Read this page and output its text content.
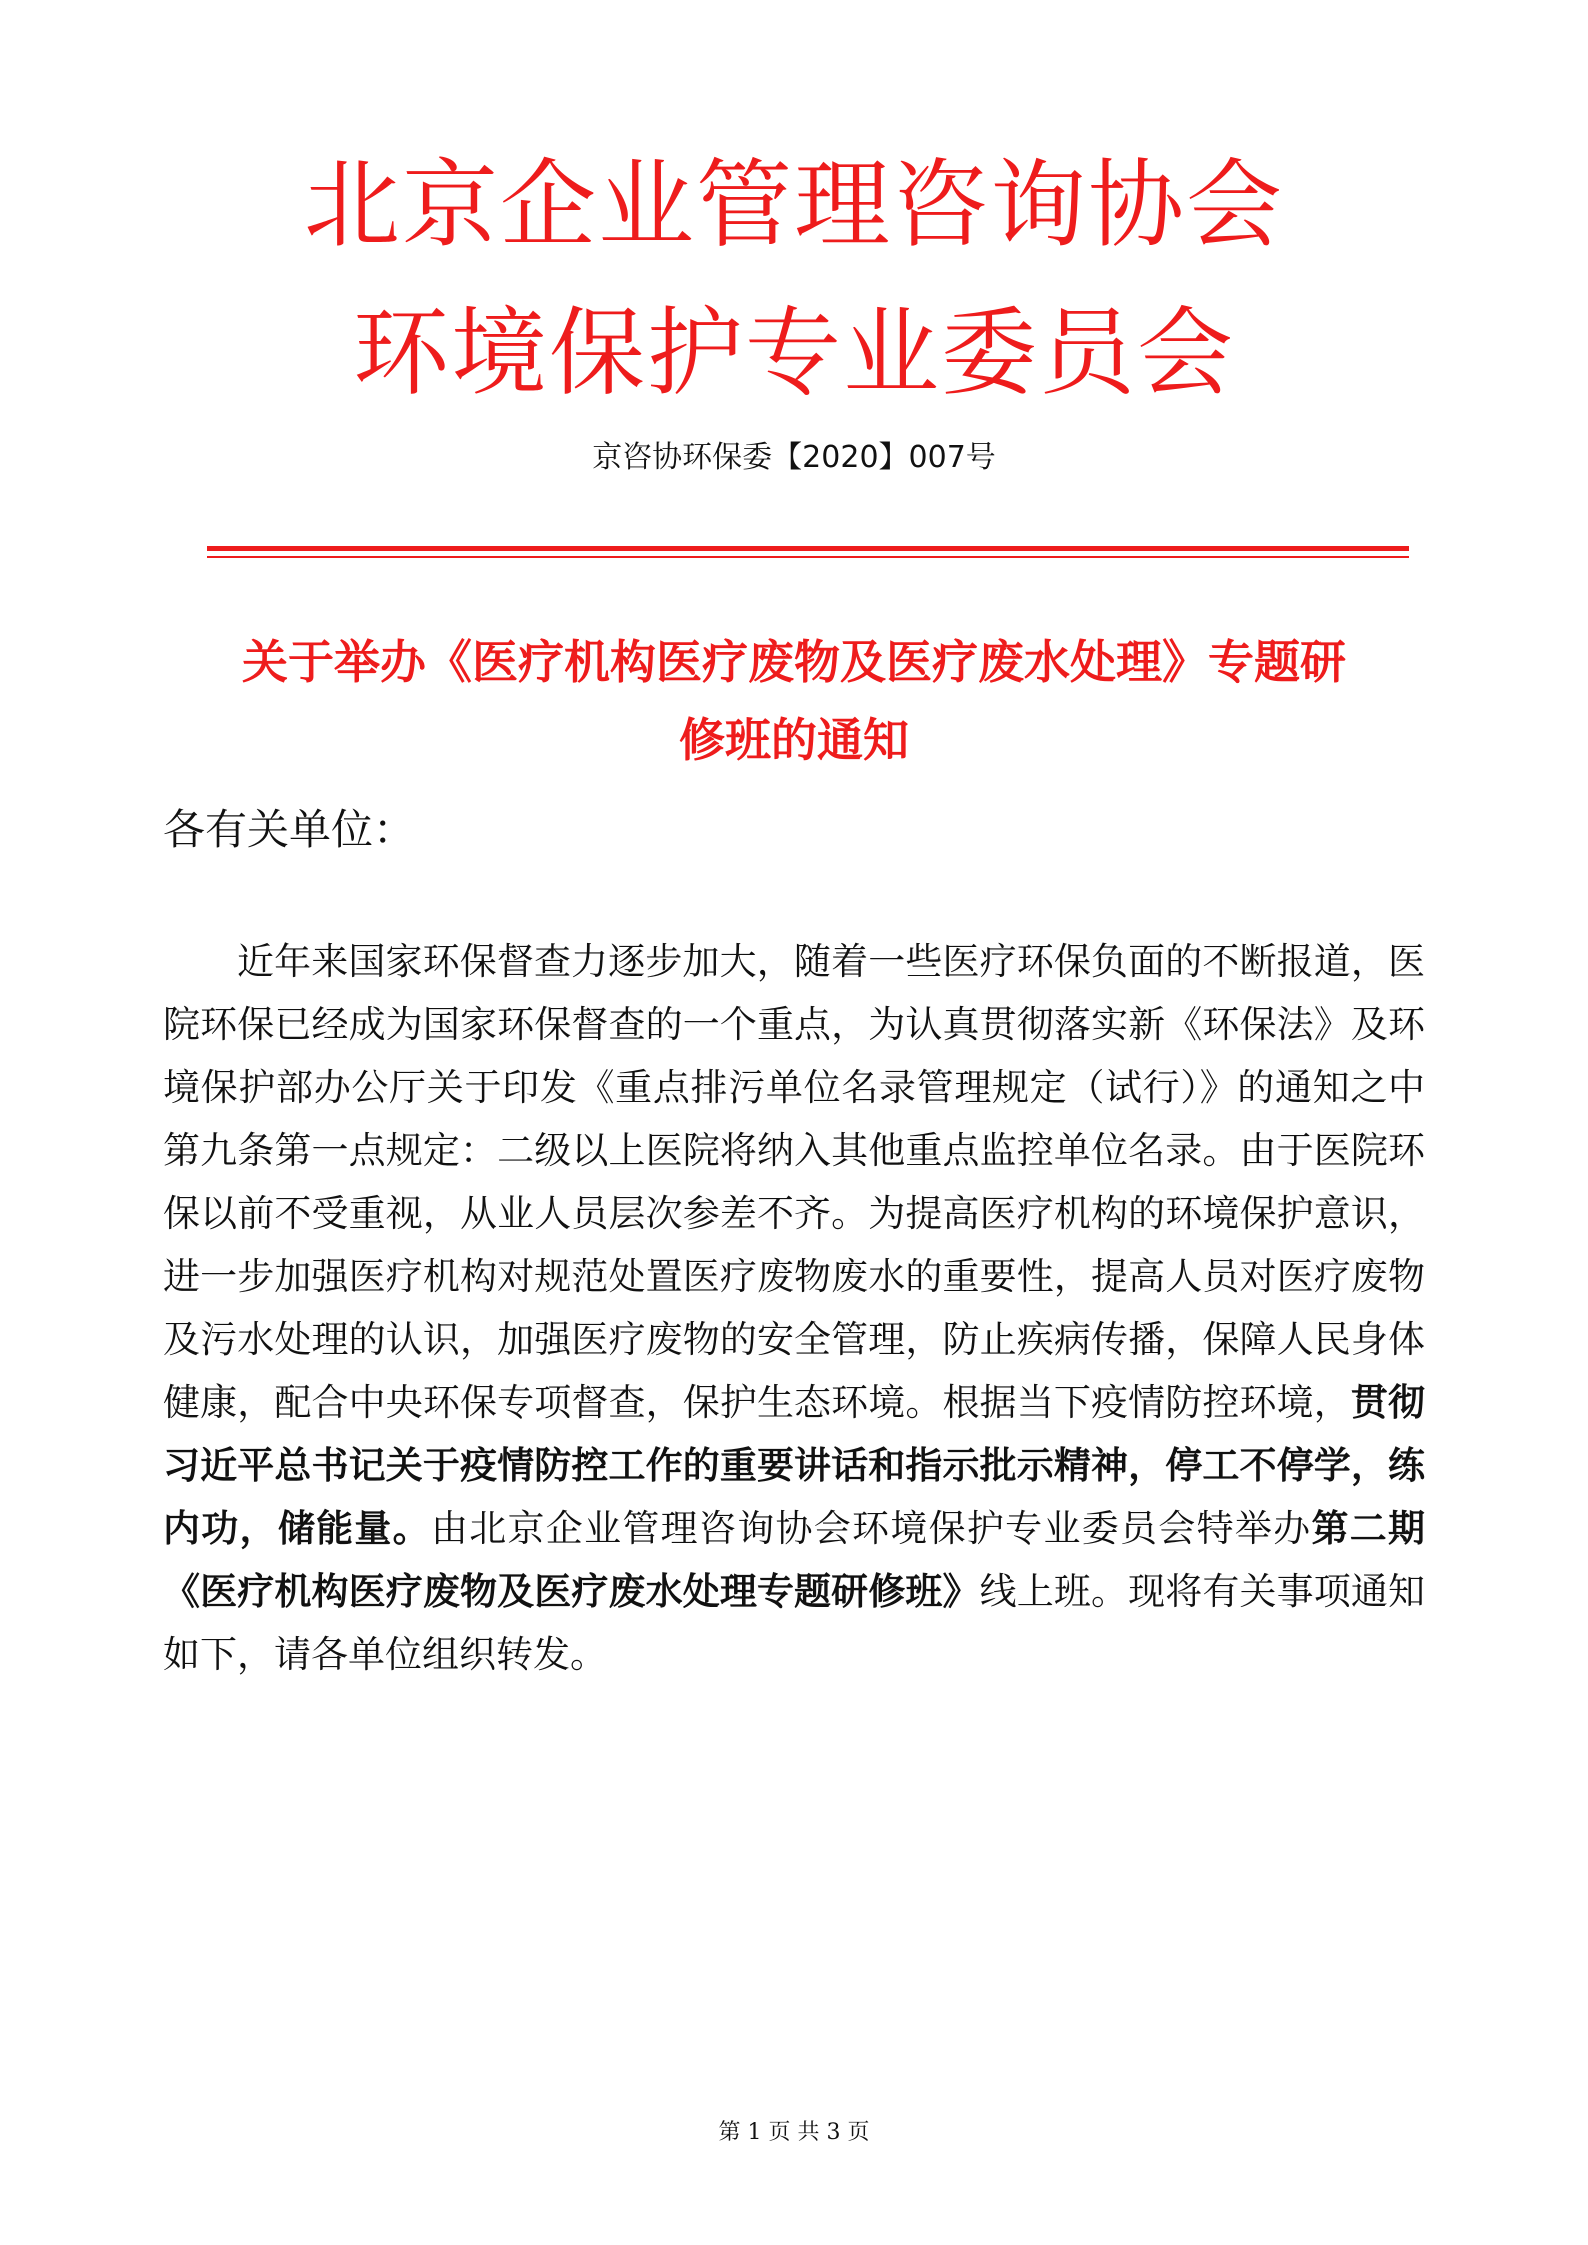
北京企业管理咨询协会
环境保护专业委员会
京咨协环保委【2020】007号
关于举办《医疗机构医疗废物及医疗废水处理》专题研
修班的通知
各有关单位：

近年来国家环保督查力逐步加大，随着一些医疗环保负面的不断报道，医院环保已经成为国家环保督查的一个重点，为认真贯彻落实新《环保法》及环境保护部办公厅关于印发《重点排污单位名录管理规定（试行）》的通知之中第九条第一点规定：二级以上医院将纳入其他重点监控单位名录。由于医院环保以前不受重视，从业人员层次参差不齐。为提高医疗机构的环境保护意识，进一步加强医疗机构对规范处置医疗废物废水的重要性，提高人员对医疗废物及污水处理的认识，加强医疗废物的安全管理，防止疾病传播，保障人民身体健康，配合中央环保专项督查，保护生态环境。根据当下疫情防控环境，贯彻习近平总书记关于疫情防控工作的重要讲话和指示批示精神，停工不停学，练内功，储能量。由北京企业管理咨询协会环境保护专业委员会特举办第二期《医疗机构医疗废物及医疗废水处理专题研修班》线上班。现将有关事项通知如下，请各单位组织转发。

第 1 页 共 3 页
